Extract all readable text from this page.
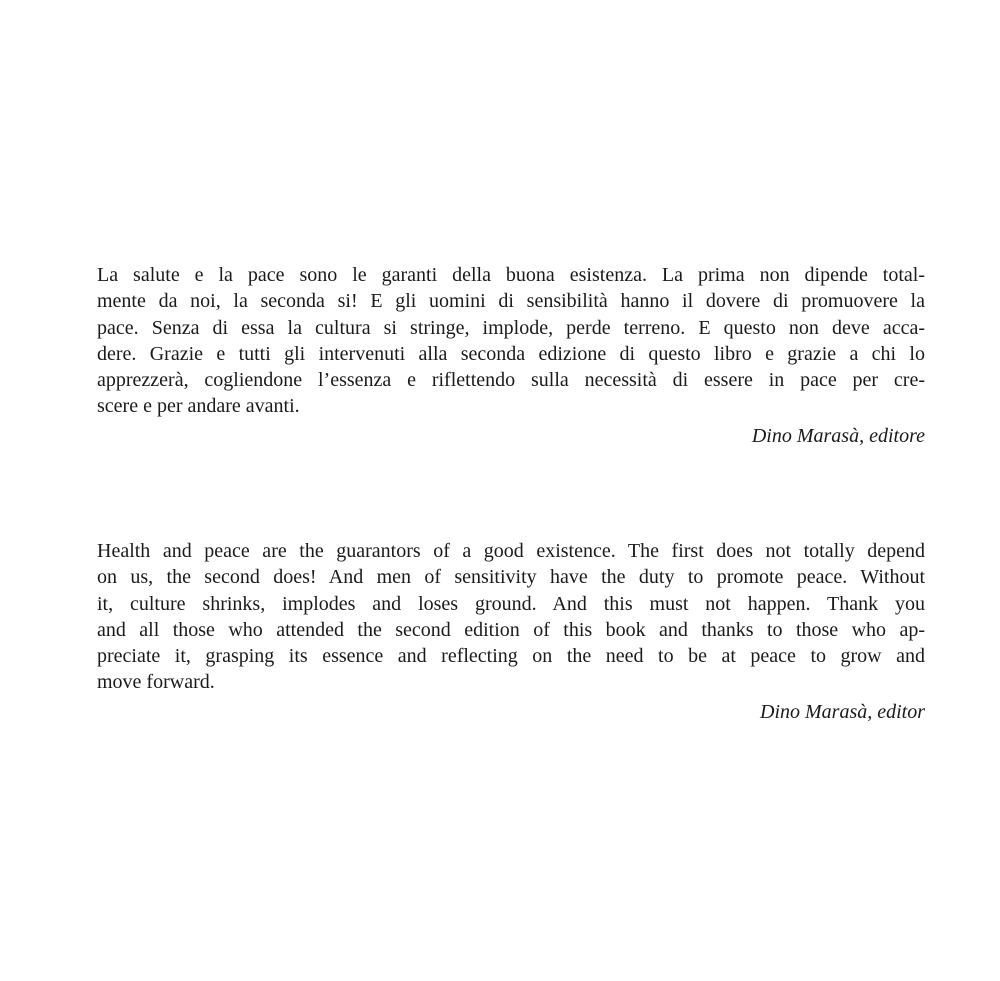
La salute e la pace sono le garanti della buona esistenza. La prima non dipende total-
mente da noi, la seconda si! E gli uomini di sensibilità hanno il dovere di promuovere la
pace. Senza di essa la cultura si stringe, implode, perde terreno. E questo non deve acca-
dere. Grazie e tutti gli intervenuti alla seconda edizione di questo libro e grazie a chi lo
apprezzerà, cogliendone l’essenza e riflettendo sulla necessità di essere in pace per cre-
scere e per andare avanti.
Dino Marasà, editore
Health and peace are the guarantors of a good existence. The first does not totally depend
on us, the second does! And men of sensitivity have the duty to promote peace. Without
it, culture shrinks, implodes and loses ground. And this must not happen. Thank you
and all those who attended the second edition of this book and thanks to those who ap-
preciate it, grasping its essence and reflecting on the need to be at peace to grow and
move forward.
Dino Marasà, editor
